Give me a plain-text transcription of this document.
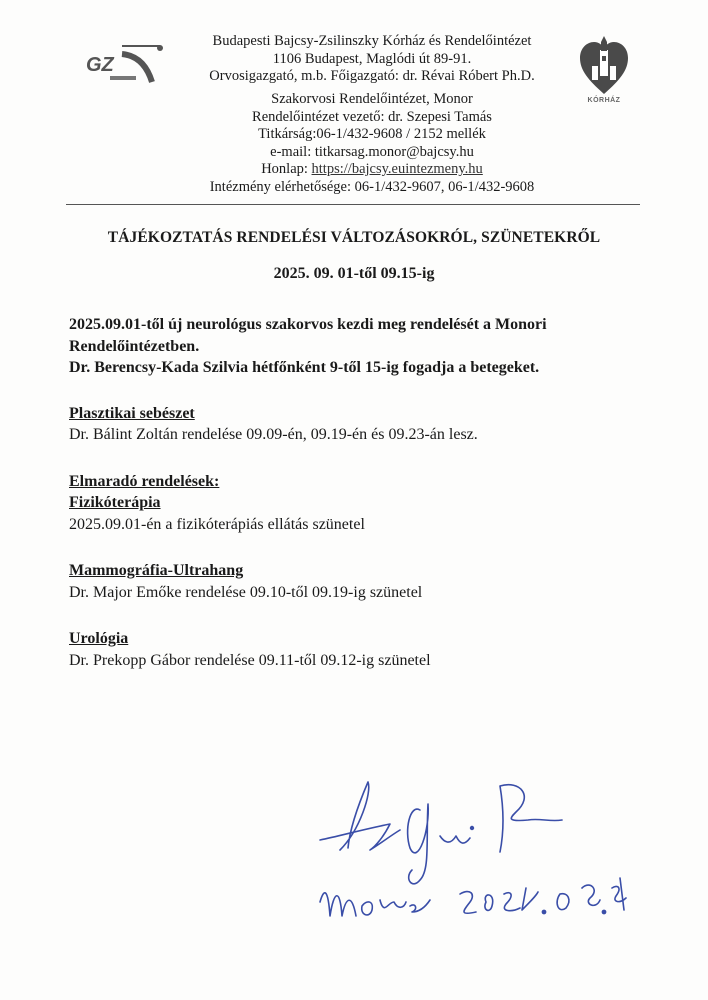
GZ
KÓRHÁZ
Budapesti Bajcsy-Zsilinszky Kórház és Rendelőintézet
1106 Budapest, Maglódi út 89-91.
Orvosigazgató, m.b. Főigazgató: dr. Révai Róbert Ph.D.
Szakorvosi Rendelőintézet, Monor
Rendelőintézet vezető: dr. Szepesi Tamás
Titkárság:06-1/432-9608 / 2152 mellék
e-mail: titkarsag.monor@bajcsy.hu
Honlap: https://bajcsy.euintezmeny.hu
Intézmény elérhetősége: 06-1/432-9607, 06-1/432-9608
TÁJÉKOZTATÁS RENDELÉSI VÁLTOZÁSOKRÓL, SZÜNETEKRŐL
2025. 09. 01-től 09.15-ig
2025.09.01-től új neurológus szakorvos kezdi meg rendelését a Monori
Rendelőintézetben.
Dr. Berencsy-Kada Szilvia hétfőnként 9-től 15-ig fogadja a betegeket.
Plasztikai sebészet
Dr. Bálint Zoltán rendelése 09.09-én, 09.19-én és 09.23-án lesz.
Elmaradó rendelések:
Fizikóterápia
2025.09.01-én a fizikóterápiás ellátás szünetel
Mammográfia-Ultrahang
Dr. Major Emőke rendelése 09.10-től 09.19-ig szünetel
Urológia
Dr. Prekopp Gábor rendelése 09.11-től 09.12-ig szünetel
